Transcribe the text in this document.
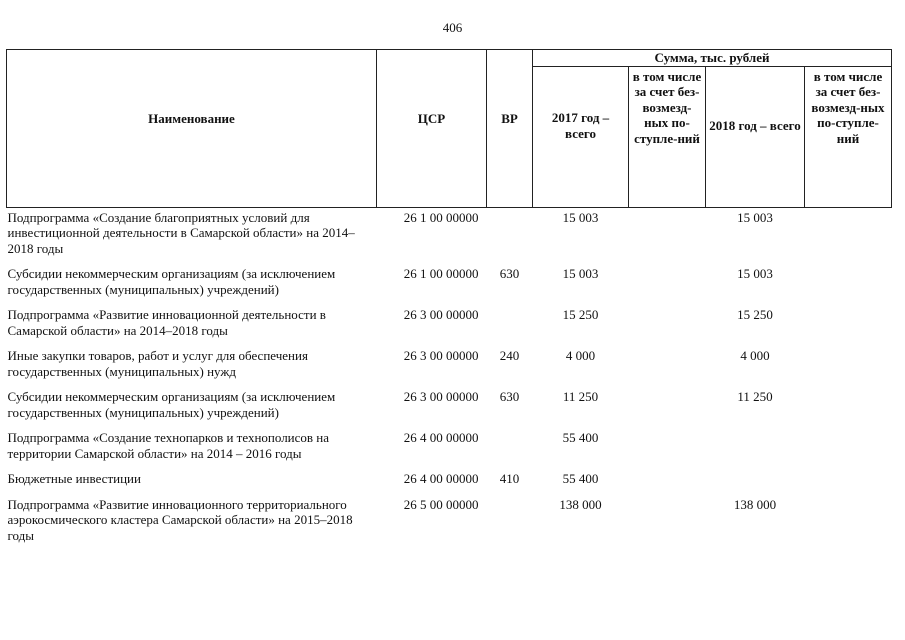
406
Наименование	ЦСР	ВР	Сумма, тыс. рублей			
			2017 год – всего	в том числе за счет без-возмезд-ных по-ступле-ний	2018 год – всего	в том числе за счет без-возмезд-ных по-ступле-ний
Подпрограмма «Создание благоприятных условий для инвестиционной деятельности в Самарской области» на 2014–2018 годы	26 1 00 00000		15 003		15 003	

Субсидии некоммерческим организациям (за исключением государственных (муниципальных) учреждений)	26 1 00 00000	630	15 003		15 003	

Подпрограмма «Развитие инновационной деятельности в Самарской области» на 2014–2018 годы	26 3 00 00000		15 250		15 250	

Иные закупки товаров, работ и услуг для обеспечения государственных (муниципальных) нужд	26 3 00 00000	240	4 000		4 000	

Субсидии некоммерческим организациям (за исключением государственных (муниципальных) учреждений)	26 3 00 00000	630	11 250		11 250	

Подпрограмма «Создание технопарков и технополисов на территории Самарской области» на 2014 – 2016 годы	26 4 00 00000		55 400			

Бюджетные инвестиции	26 4 00 00000	410	55 400			

Подпрограмма «Развитие инновационного территориального аэрокосмического кластера Самарской области» на 2015–2018 годы	26 5 00 00000		138 000		138 000	
